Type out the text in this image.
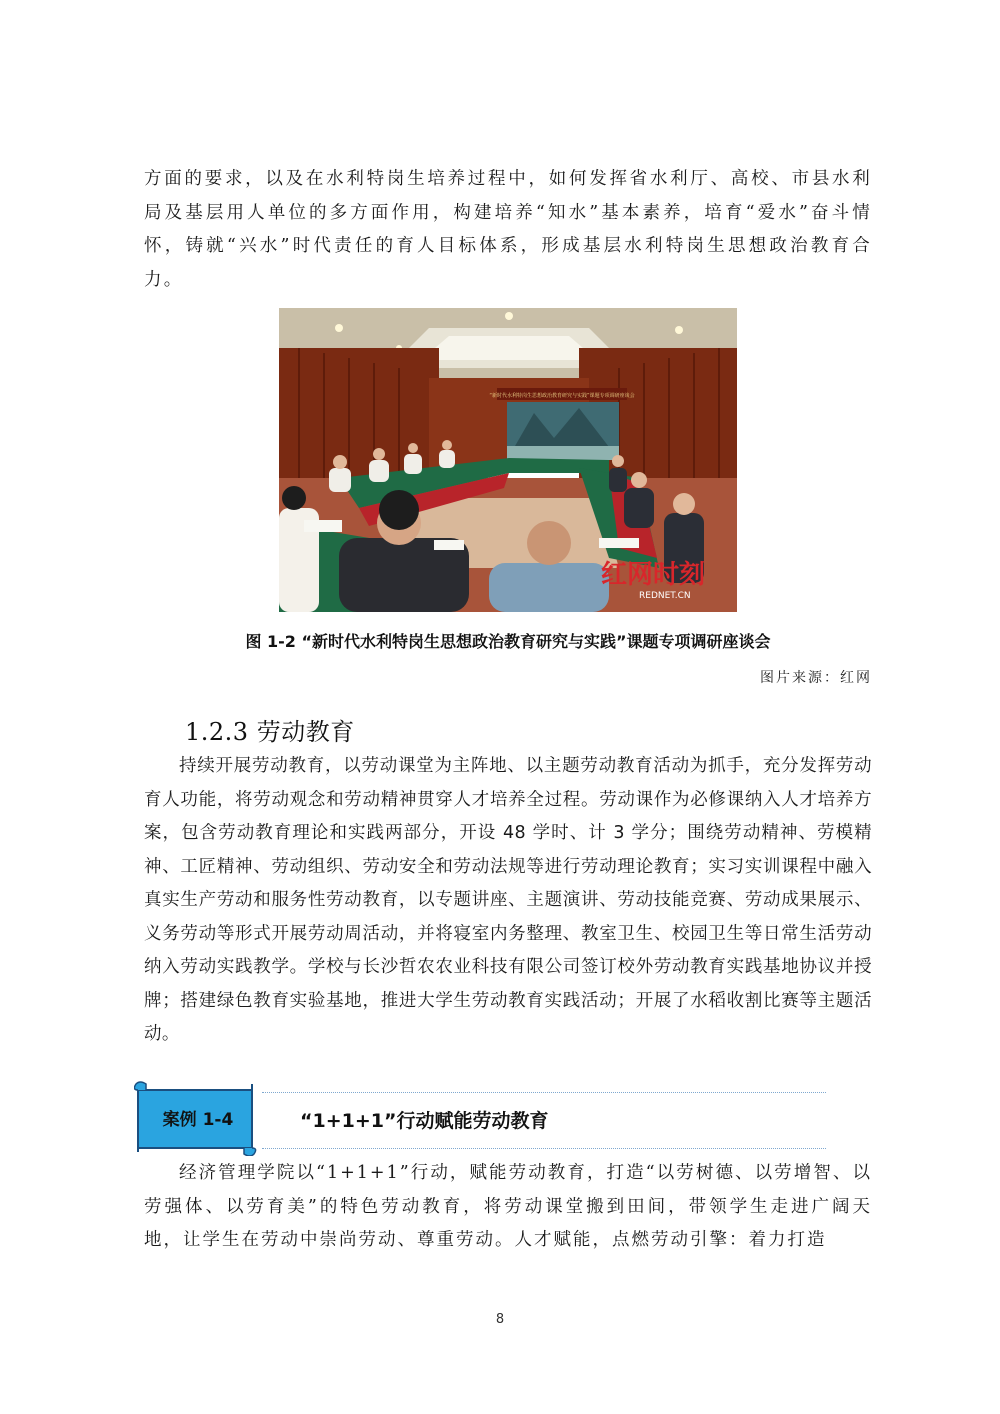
方面的要求，以及在水利特岗生培养过程中，如何发挥省水利厅、高校、市县水利局及基层用人单位的多方面作用，构建培养“知水”基本素养，培育“爱水”奋斗情怀，铸就“兴水”时代责任的育人目标体系，形成基层水利特岗生思想政治教育合力。

“新时代水利特岗生思想政治教育研究与实践”课题专项调研座谈会
红网时刻
REDNET.CN
图 1-2 “新时代水利特岗生思想政治教育研究与实践”课题专项调研座谈会
图片来源：红网
1.2.3 劳动教育

持续开展劳动教育，以劳动课堂为主阵地、以主题劳动教育活动为抓手，充分发挥劳动育人功能，将劳动观念和劳动精神贯穿人才培养全过程。劳动课作为必修课纳入人才培养方案，包含劳动教育理论和实践两部分，开设 48 学时、计 3 学分；围绕劳动精神、劳模精神、工匠精神、劳动组织、劳动安全和劳动法规等进行劳动理论教育；实习实训课程中融入真实生产劳动和服务性劳动教育，以专题讲座、主题演讲、劳动技能竞赛、劳动成果展示、义务劳动等形式开展劳动周活动，并将寝室内务整理、教室卫生、校园卫生等日常生活劳动纳入劳动实践教学。学校与长沙哲农农业科技有限公司签订校外劳动教育实践基地协议并授牌；搭建绿色教育实验基地，推进大学生劳动教育实践活动；开展了水稻收割比赛等主题活动。

案例 1-4	“1+1+1”行动赋能劳动教育

经济管理学院以“1+1+1”行动，赋能劳动教育，打造“以劳树德、以劳增智、以劳强体、以劳育美”的特色劳动教育，将劳动课堂搬到田间，带领学生走进广阔天地，让学生在劳动中崇尚劳动、尊重劳动。人才赋能，点燃劳动引擎：着力打造

8
